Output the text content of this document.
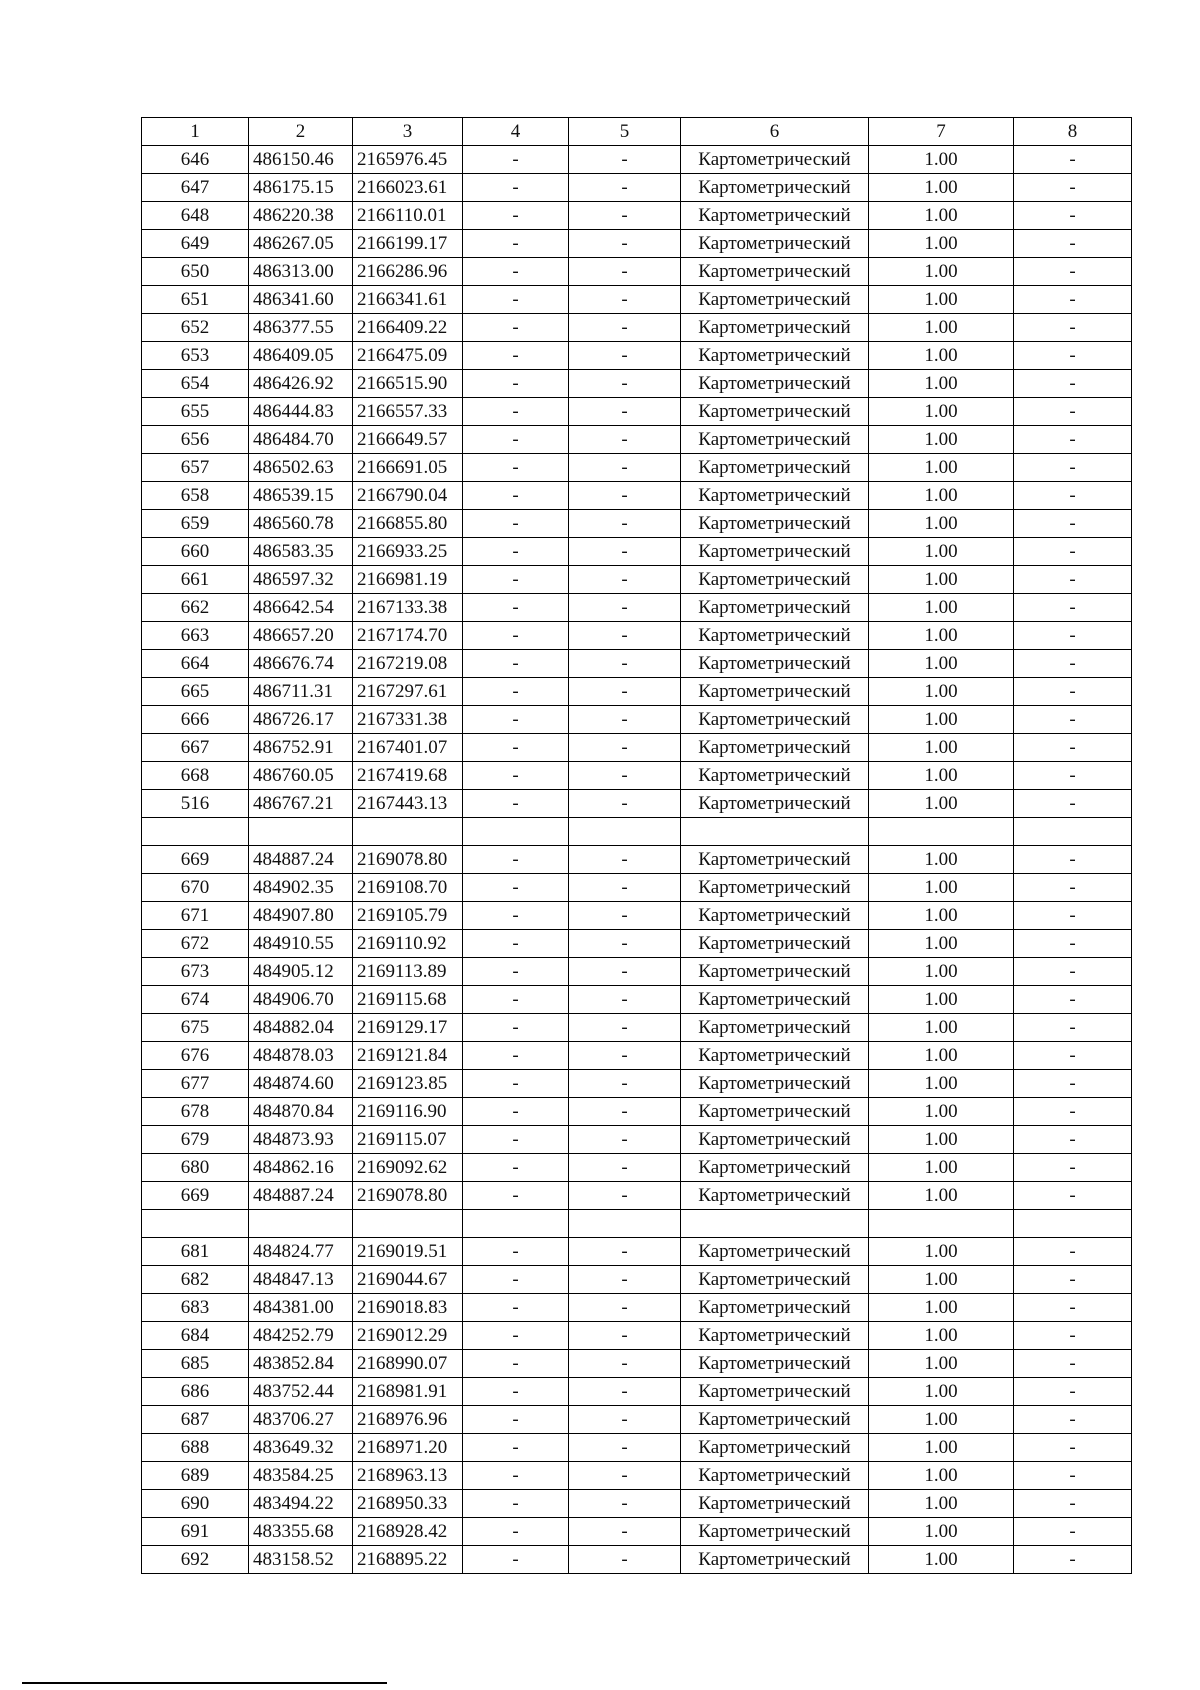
1	2	3	4	5	6	7	8
646	486150.46	2165976.45	-	-	Картометрический	1.00	-
647	486175.15	2166023.61	-	-	Картометрический	1.00	-
648	486220.38	2166110.01	-	-	Картометрический	1.00	-
649	486267.05	2166199.17	-	-	Картометрический	1.00	-
650	486313.00	2166286.96	-	-	Картометрический	1.00	-
651	486341.60	2166341.61	-	-	Картометрический	1.00	-
652	486377.55	2166409.22	-	-	Картометрический	1.00	-
653	486409.05	2166475.09	-	-	Картометрический	1.00	-
654	486426.92	2166515.90	-	-	Картометрический	1.00	-
655	486444.83	2166557.33	-	-	Картометрический	1.00	-
656	486484.70	2166649.57	-	-	Картометрический	1.00	-
657	486502.63	2166691.05	-	-	Картометрический	1.00	-
658	486539.15	2166790.04	-	-	Картометрический	1.00	-
659	486560.78	2166855.80	-	-	Картометрический	1.00	-
660	486583.35	2166933.25	-	-	Картометрический	1.00	-
661	486597.32	2166981.19	-	-	Картометрический	1.00	-
662	486642.54	2167133.38	-	-	Картометрический	1.00	-
663	486657.20	2167174.70	-	-	Картометрический	1.00	-
664	486676.74	2167219.08	-	-	Картометрический	1.00	-
665	486711.31	2167297.61	-	-	Картометрический	1.00	-
666	486726.17	2167331.38	-	-	Картометрический	1.00	-
667	486752.91	2167401.07	-	-	Картометрический	1.00	-
668	486760.05	2167419.68	-	-	Картометрический	1.00	-
516	486767.21	2167443.13	-	-	Картометрический	1.00	-

669	484887.24	2169078.80	-	-	Картометрический	1.00	-
670	484902.35	2169108.70	-	-	Картометрический	1.00	-
671	484907.80	2169105.79	-	-	Картометрический	1.00	-
672	484910.55	2169110.92	-	-	Картометрический	1.00	-
673	484905.12	2169113.89	-	-	Картометрический	1.00	-
674	484906.70	2169115.68	-	-	Картометрический	1.00	-
675	484882.04	2169129.17	-	-	Картометрический	1.00	-
676	484878.03	2169121.84	-	-	Картометрический	1.00	-
677	484874.60	2169123.85	-	-	Картометрический	1.00	-
678	484870.84	2169116.90	-	-	Картометрический	1.00	-
679	484873.93	2169115.07	-	-	Картометрический	1.00	-
680	484862.16	2169092.62	-	-	Картометрический	1.00	-
669	484887.24	2169078.80	-	-	Картометрический	1.00	-

681	484824.77	2169019.51	-	-	Картометрический	1.00	-
682	484847.13	2169044.67	-	-	Картометрический	1.00	-
683	484381.00	2169018.83	-	-	Картометрический	1.00	-
684	484252.79	2169012.29	-	-	Картометрический	1.00	-
685	483852.84	2168990.07	-	-	Картометрический	1.00	-
686	483752.44	2168981.91	-	-	Картометрический	1.00	-
687	483706.27	2168976.96	-	-	Картометрический	1.00	-
688	483649.32	2168971.20	-	-	Картометрический	1.00	-
689	483584.25	2168963.13	-	-	Картометрический	1.00	-
690	483494.22	2168950.33	-	-	Картометрический	1.00	-
691	483355.68	2168928.42	-	-	Картометрический	1.00	-
692	483158.52	2168895.22	-	-	Картометрический	1.00	-
